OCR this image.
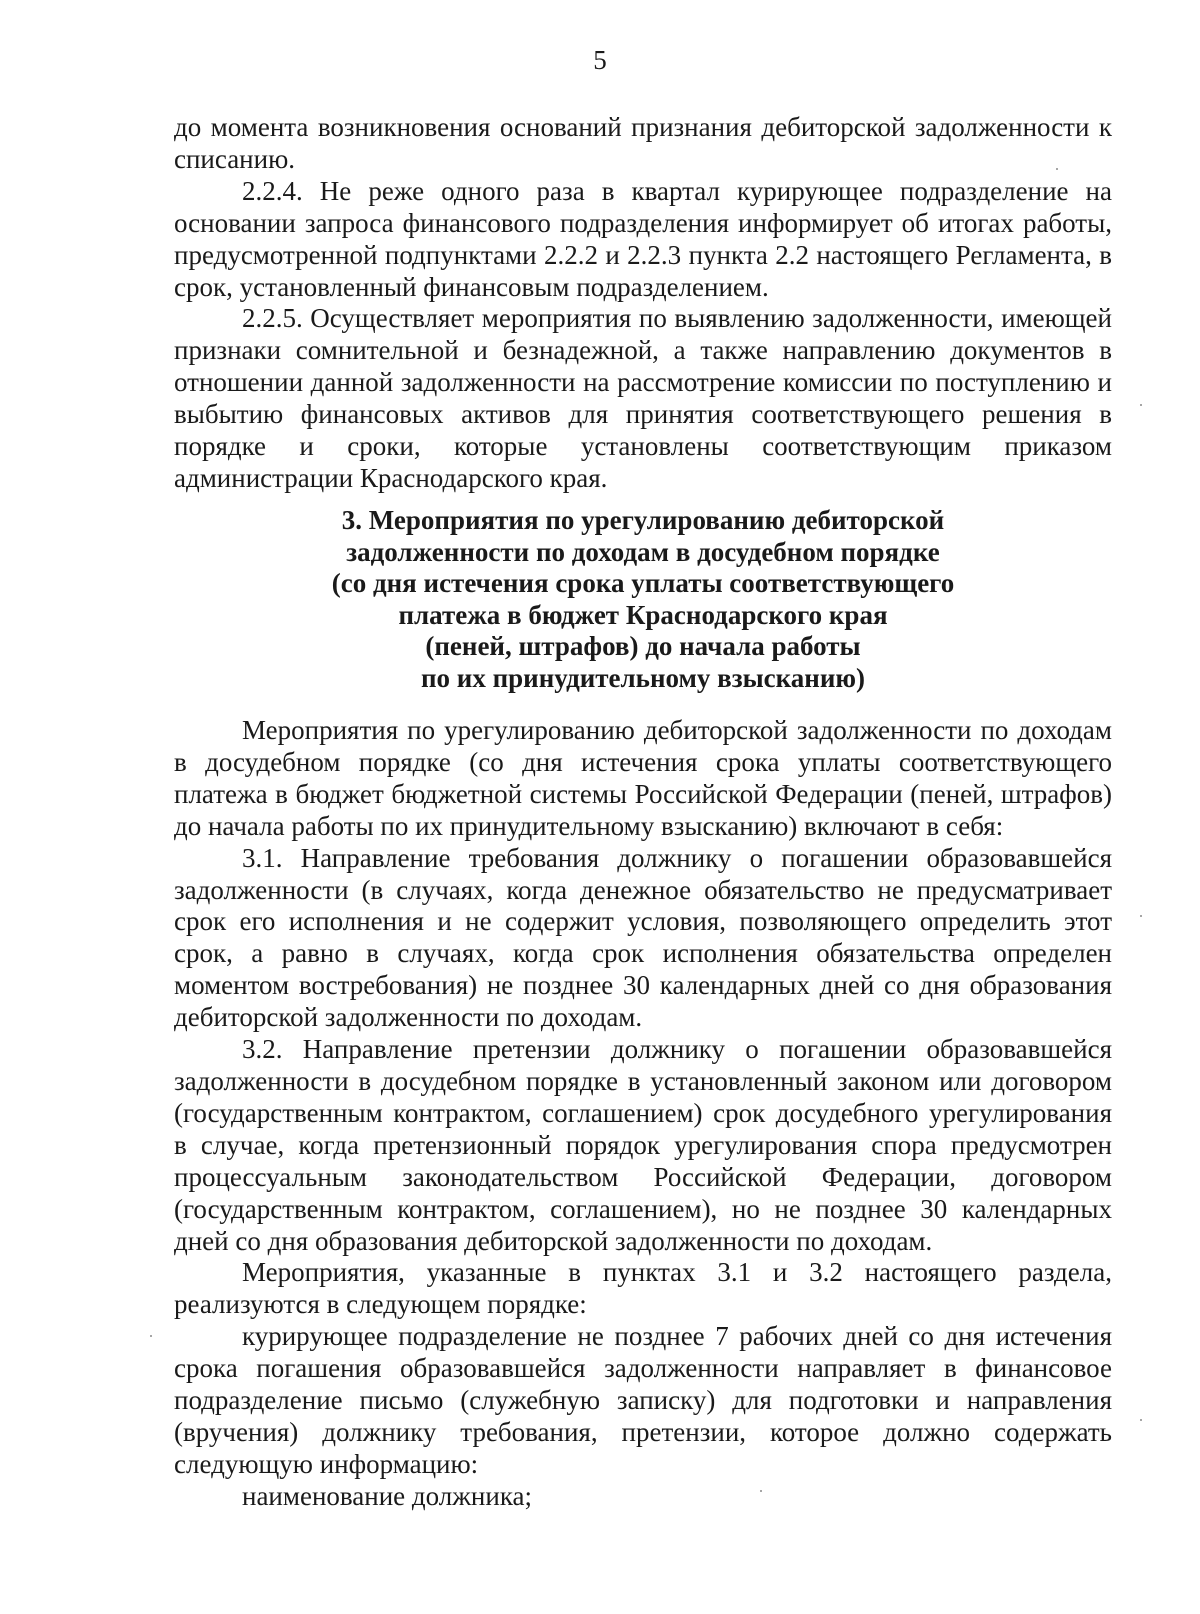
5

до момента возникновения оснований признания дебиторской задолженности к списанию.

2.2.4. Не реже одного раза в квартал курирующее подразделение на основании запроса финансового подразделения информирует об итогах работы, предусмотренной подпунктами 2.2.2 и 2.2.3 пункта 2.2 настоящего Регламента, в срок, установленный финансовым подразделением.

2.2.5. Осуществляет мероприятия по выявлению задолженности, имеющей признаки сомнительной и безнадежной, а также направлению документов в отношении данной задолженности на рассмотрение комиссии по поступлению и выбытию финансовых активов для принятия соответствующего решения в порядке и сроки, которые установлены соответствующим приказом администрации Краснодарского края.

3. Мероприятия по урегулированию дебиторской
задолженности по доходам в досудебном порядке
(со дня истечения срока уплаты соответствующего
платежа в бюджет Краснодарского края
(пеней, штрафов) до начала работы
по их принудительному взысканию)

Мероприятия по урегулированию дебиторской задолженности по доходам в досудебном порядке (со дня истечения срока уплаты соответствующего платежа в бюджет бюджетной системы Российской Федерации (пеней, штрафов) до начала работы по их принудительному взысканию) включают в себя:

3.1. Направление требования должнику о погашении образовавшейся задолженности (в случаях, когда денежное обязательство не предусматривает срок его исполнения и не содержит условия, позволяющего определить этот срок, а равно в случаях, когда срок исполнения обязательства определен моментом востребования) не позднее 30 календарных дней со дня образования дебиторской задолженности по доходам.

3.2. Направление претензии должнику о погашении образовавшейся задолженности в досудебном порядке в установленный законом или договором (государственным контрактом, соглашением) срок досудебного урегулирования в случае, когда претензионный порядок урегулирования спора предусмотрен процессуальным законодательством Российской Федерации, договором (государственным контрактом, соглашением), но не позднее 30 календарных дней со дня образования дебиторской задолженности по доходам.

Мероприятия, указанные в пунктах 3.1 и 3.2 настоящего раздела, реализуются в следующем порядке:

курирующее подразделение не позднее 7 рабочих дней со дня истечения срока погашения образовавшейся задолженности направляет в финансовое подразделение письмо (служебную записку) для подготовки и направления (вручения) должнику требования, претензии, которое должно содержать следующую информацию:

наименование должника;
